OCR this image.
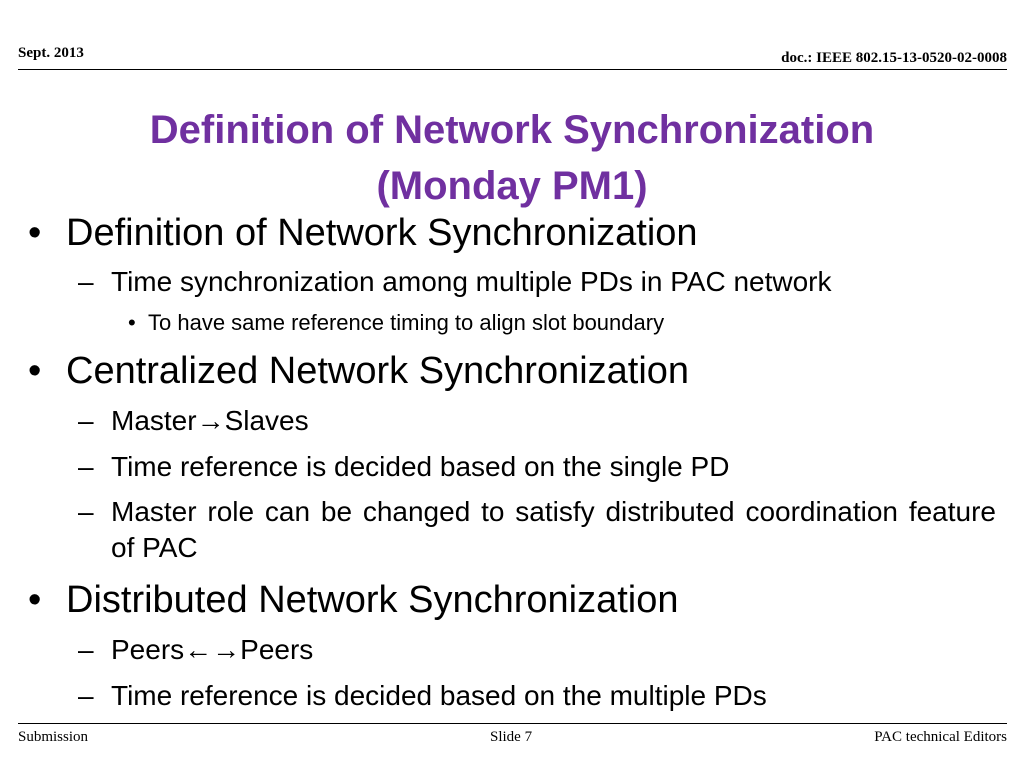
Sept. 2013	doc.: IEEE 802.15-13-0520-02-0008
Definition of Network Synchronization
(Monday PM1)
• Definition of Network Synchronization
– Time synchronization among multiple PDs in PAC network
• To have same reference timing to align slot boundary
• Centralized Network Synchronization
– Master→Slaves
– Time reference is decided based on the single PD
– Master role can be changed to satisfy distributed coordination feature of PAC
• Distributed Network Synchronization
– Peers←→Peers
– Time reference is decided based on the multiple PDs
Submission	Slide 7	PAC technical Editors
